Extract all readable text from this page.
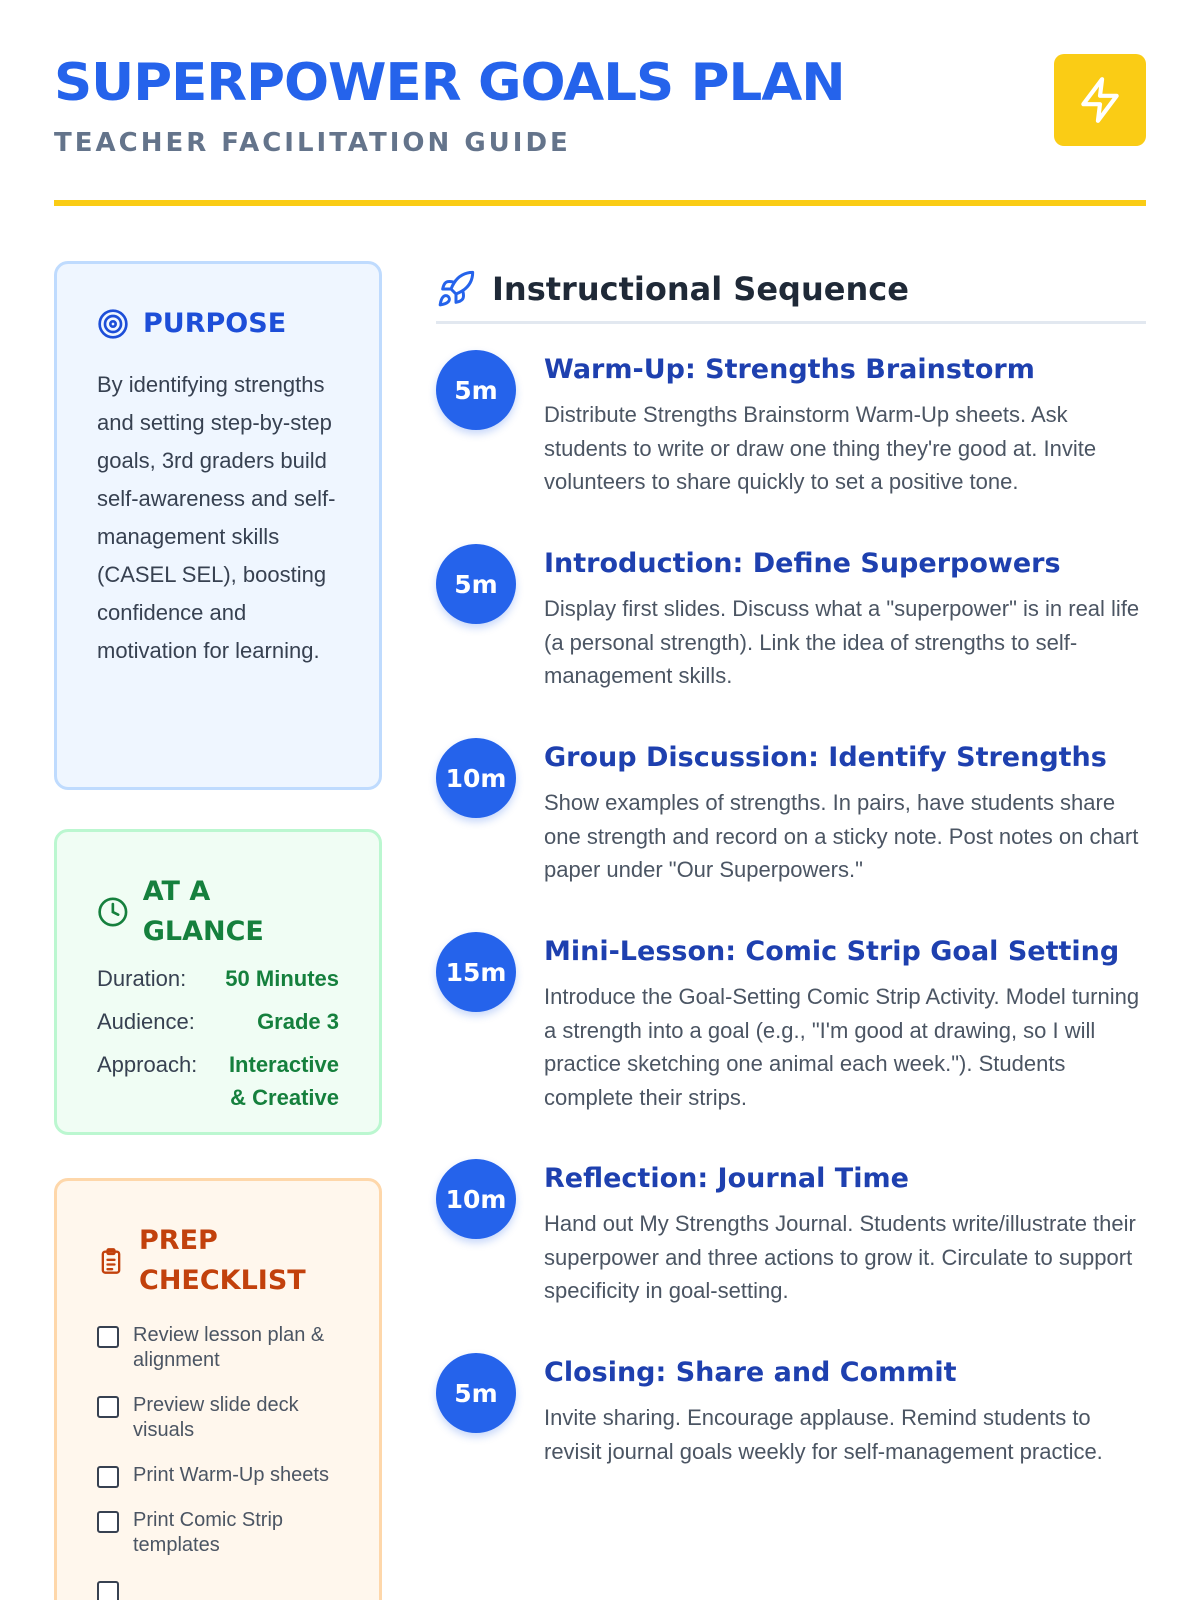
SUPERPOWER GOALS PLAN
TEACHER FACILITATION GUIDE
PURPOSE
By identifying strengths and setting step-by-step goals, 3rd graders build self-awareness and self-management skills (CASEL SEL), boosting confidence and motivation for learning.
AT A GLANCE
Duration: 50 Minutes
Audience:	Grade 3
Approach:	Interactive & Creative
PREP CHECKLIST
Review lesson plan & alignment
Preview slide deck visuals
Print Warm-Up sheets
Print Comic Strip templates
Instructional Sequence
5m
Warm-Up: Strengths Brainstorm
Distribute Strengths Brainstorm Warm-Up sheets. Ask students to write or draw one thing they're good at. Invite volunteers to share quickly to set a positive tone.
5m
Introduction: Define Superpowers
Display first slides. Discuss what a "superpower" is in real life (a personal strength). Link the idea of strengths to self-management skills.
10m
Group Discussion: Identify Strengths
Show examples of strengths. In pairs, have students share one strength and record on a sticky note. Post notes on chart paper under "Our Superpowers."
15m
Mini-Lesson: Comic Strip Goal Setting
Introduce the Goal-Setting Comic Strip Activity. Model turning a strength into a goal (e.g., "I'm good at drawing, so I will practice sketching one animal each week."). Students complete their strips.
10m
Reflection: Journal Time
Hand out My Strengths Journal. Students write/illustrate their superpower and three actions to grow it. Circulate to support specificity in goal-setting.
5m
Closing: Share and Commit
Invite sharing. Encourage applause. Remind students to revisit journal goals weekly for self-management practice.
